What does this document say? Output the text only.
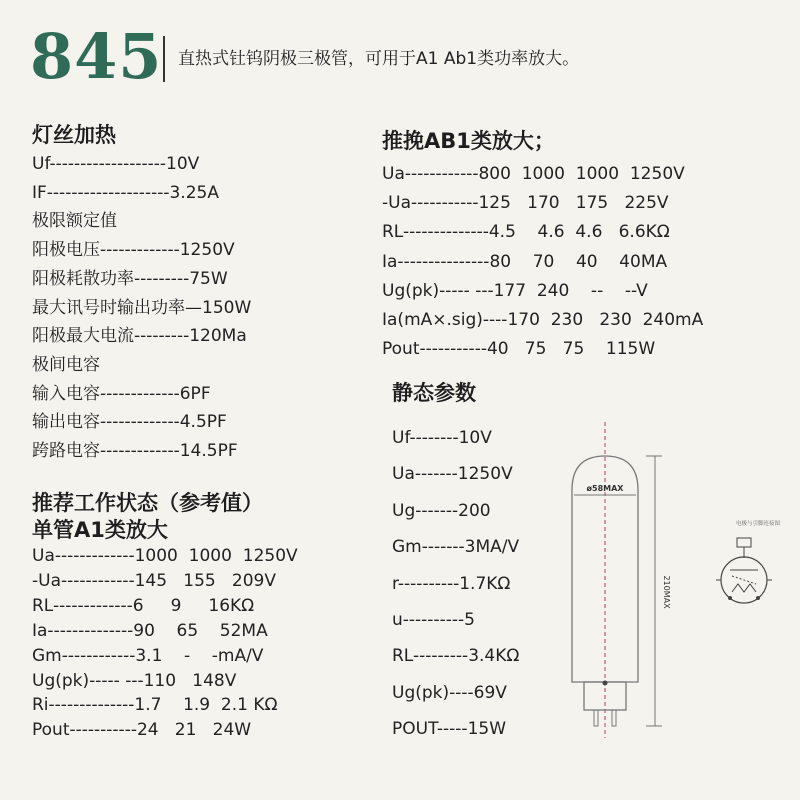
845 直热式钍钨阴极三极管，可用于A1 Ab1类功率放大。
灯丝加热
Uf-------------------10V
IF--------------------3.25A
极限额定值
阳极电压-------------1250V
阳极耗散功率---------75W
最大讯号时输出功率—150W
阳极最大电流---------120Ma
极间电容
输入电容-------------6PF
输出电容-------------4.5PF
跨路电容-------------14.5PF
推荐工作状态（参考值）
单管A1类放大
Ua-------------1000  1000  1250V
-Ua------------145   155   209V
RL-------------6     9     16KΩ
Ia--------------90    65    52MA
Gm------------3.1    -    -mA/V
Ug(pk)----- ---110   148V
Ri--------------1.7    1.9  2.1 KΩ
Pout-----------24   21   24W
推挽AB1类放大；
Ua------------800  1000  1000  1250V
-Ua-----------125   170   175   225V
RL--------------4.5    4.6  4.6   6.6KΩ
Ia---------------80    70    40    40MA
Ug(pk)----- ---177  240    --    --V
Ia(mA×.sig)----170  230   230  240mA
Pout-----------40   75   75    115W
静态参数
Uf--------10V
Ua-------1250V
Ug-------200
Gm-------3MA/V
r----------1.7KΩ
u----------5
RL---------3.4KΩ
Ug(pk)----69V
POUT-----15W
ø58MAX
210MAX
电极与引脚连接图
